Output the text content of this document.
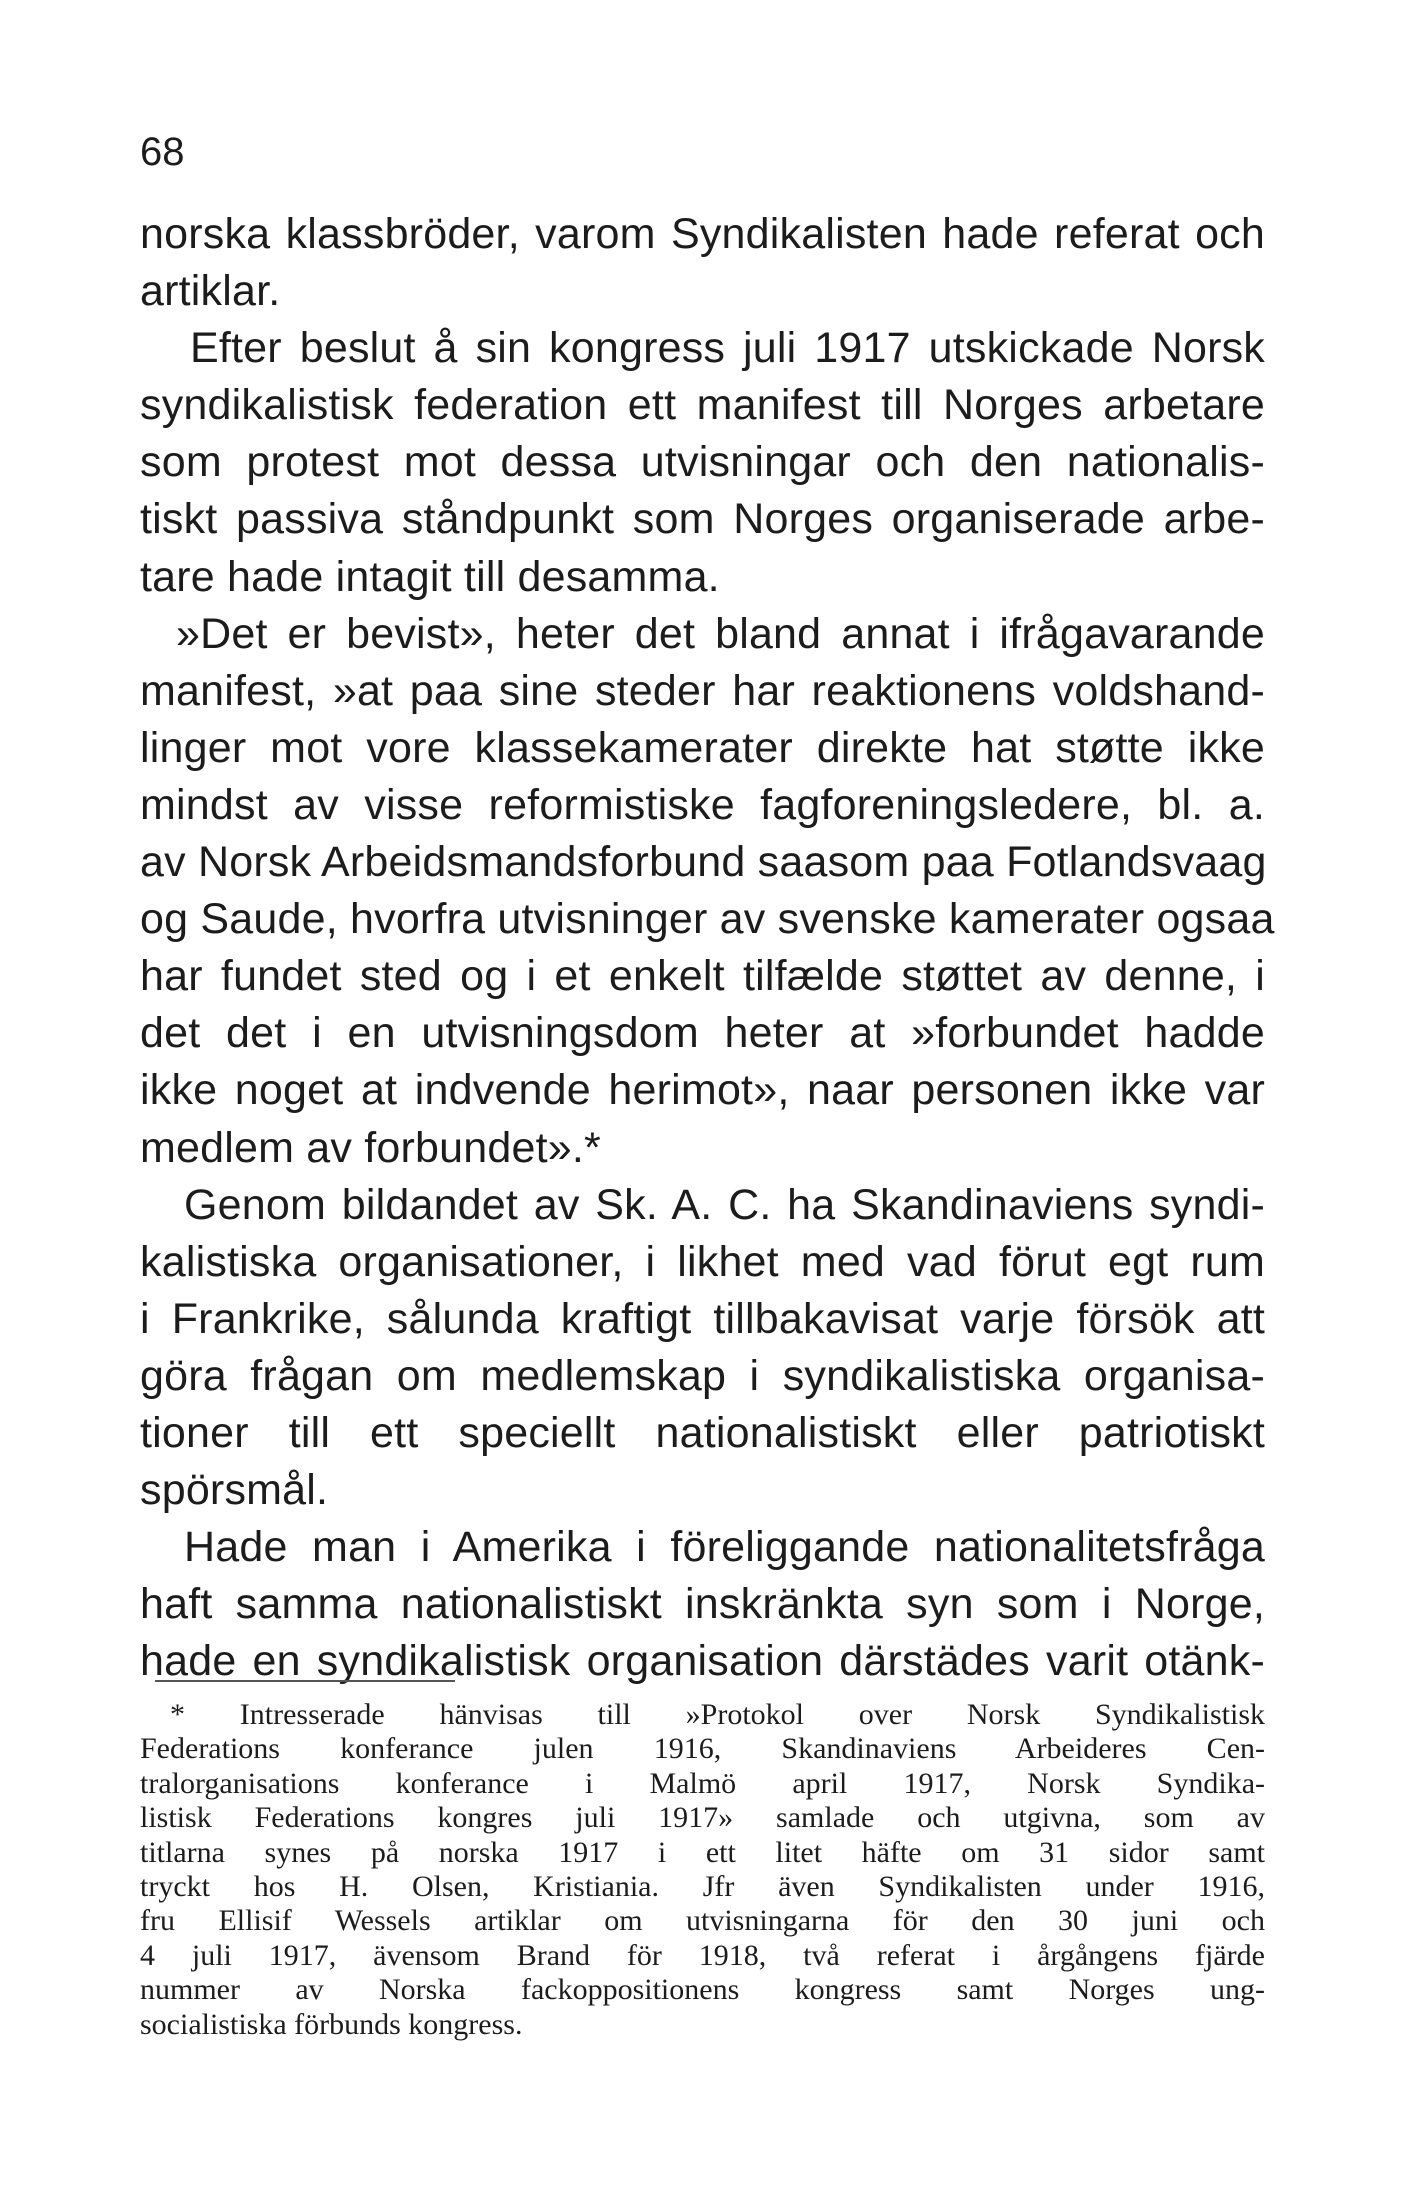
68
norska klassbröder, varom Syndikalisten hade referat och
artiklar.
Efter beslut å sin kongress juli 1917 utskickade Norsk
syndikalistisk federation ett manifest till Norges arbetare
som protest mot dessa utvisningar och den nationalis-
tiskt passiva ståndpunkt som Norges organiserade arbe-
tare hade intagit till desamma.
»Det er bevist», heter det bland annat i ifrågavarande
manifest, »at paa sine steder har reaktionens voldshand-
linger mot vore klassekamerater direkte hat støtte ikke
mindst av visse reformistiske fagforeningsledere, bl. a.
av Norsk Arbeidsmandsforbund saasom paa Fotlandsvaag
og Saude, hvorfra utvisninger av svenske kamerater ogsaa
har fundet sted og i et enkelt tilfælde støttet av denne, i
det det i en utvisningsdom heter at »forbundet hadde
ikke noget at indvende herimot», naar personen ikke var
medlem av forbundet».*
Genom bildandet av Sk. A. C. ha Skandinaviens syndi-
kalistiska organisationer, i likhet med vad förut egt rum
i Frankrike, sålunda kraftigt tillbakavisat varje försök att
göra frågan om medlemskap i syndikalistiska organisa-
tioner till ett speciellt nationalistiskt eller patriotiskt
spörsmål.
Hade man i Amerika i föreliggande nationalitetsfråga
haft samma nationalistiskt inskränkta syn som i Norge,
hade en syndikalistisk organisation därstädes varit otänk-
* Intresserade hänvisas till »Protokol over Norsk Syndikalistisk
Federations konferance julen 1916, Skandinaviens Arbeideres Cen-
tralorganisations konferance i Malmö april 1917, Norsk Syndika-
listisk Federations kongres juli 1917» samlade och utgivna, som av
titlarna synes på norska 1917 i ett litet häfte om 31 sidor samt
tryckt hos H. Olsen, Kristiania. Jfr även Syndikalisten under 1916,
fru Ellisif Wessels artiklar om utvisningarna för den 30 juni och
4 juli 1917, ävensom Brand för 1918, två referat i årgångens fjärde
nummer av Norska fackoppositionens kongress samt Norges ung-
socialistiska förbunds kongress.
